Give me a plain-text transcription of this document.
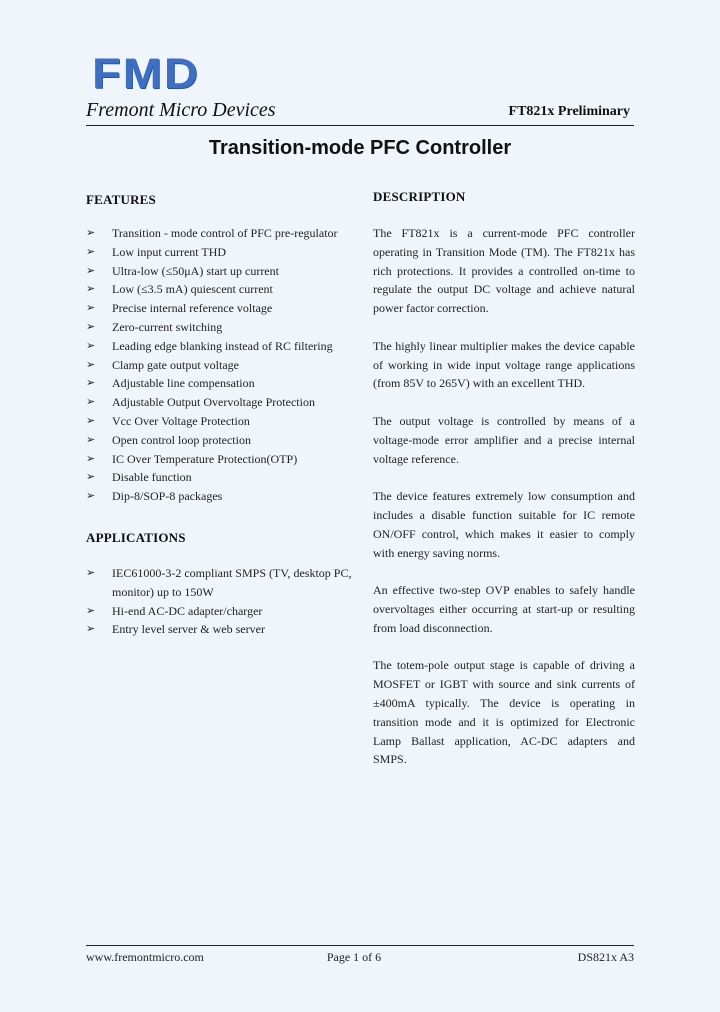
FMD
Fremont Micro Devices	FT821x Preliminary
Transition-mode PFC Controller
FEATURES
➢ Transition - mode control of PFC pre-regulator
➢ Low input current THD
➢ Ultra-low (≤50μA) start up current
➢ Low (≤3.5 mA) quiescent current
➢ Precise internal reference voltage
➢ Zero-current switching
➢ Leading edge blanking instead of RC filtering
➢ Clamp gate output voltage
➢ Adjustable line compensation
➢ Adjustable Output Overvoltage Protection
➢ Vcc Over Voltage Protection
➢ Open control loop protection
➢ IC Over Temperature Protection(OTP)
➢ Disable function
➢ Dip-8/SOP-8 packages
APPLICATIONS
➢ IEC61000-3-2 compliant SMPS (TV, desktop PC, monitor) up to 150W
➢ Hi-end AC-DC adapter/charger
➢ Entry level server & web server
DESCRIPTION

The FT821x is a current-mode PFC controller operating in Transition Mode (TM). The FT821x has rich protections. It provides a controlled on-time to regulate the output DC voltage and achieve natural power factor correction.

The highly linear multiplier makes the device capable of working in wide input voltage range applications (from 85V to 265V) with an excellent THD.

The output voltage is controlled by means of a voltage-mode error amplifier and a precise internal voltage reference.

The device features extremely low consumption and includes a disable function suitable for IC remote ON/OFF control, which makes it easier to comply with energy saving norms.

An effective two-step OVP enables to safely handle overvoltages either occurring at start-up or resulting from load disconnection.

The totem-pole output stage is capable of driving a MOSFET or IGBT with source and sink currents of ±400mA typically. The device is operating in transition mode and it is optimized for Electronic Lamp Ballast application, AC-DC adapters and SMPS.

www.fremontmicro.com	Page 1 of 6	DS821x A3
